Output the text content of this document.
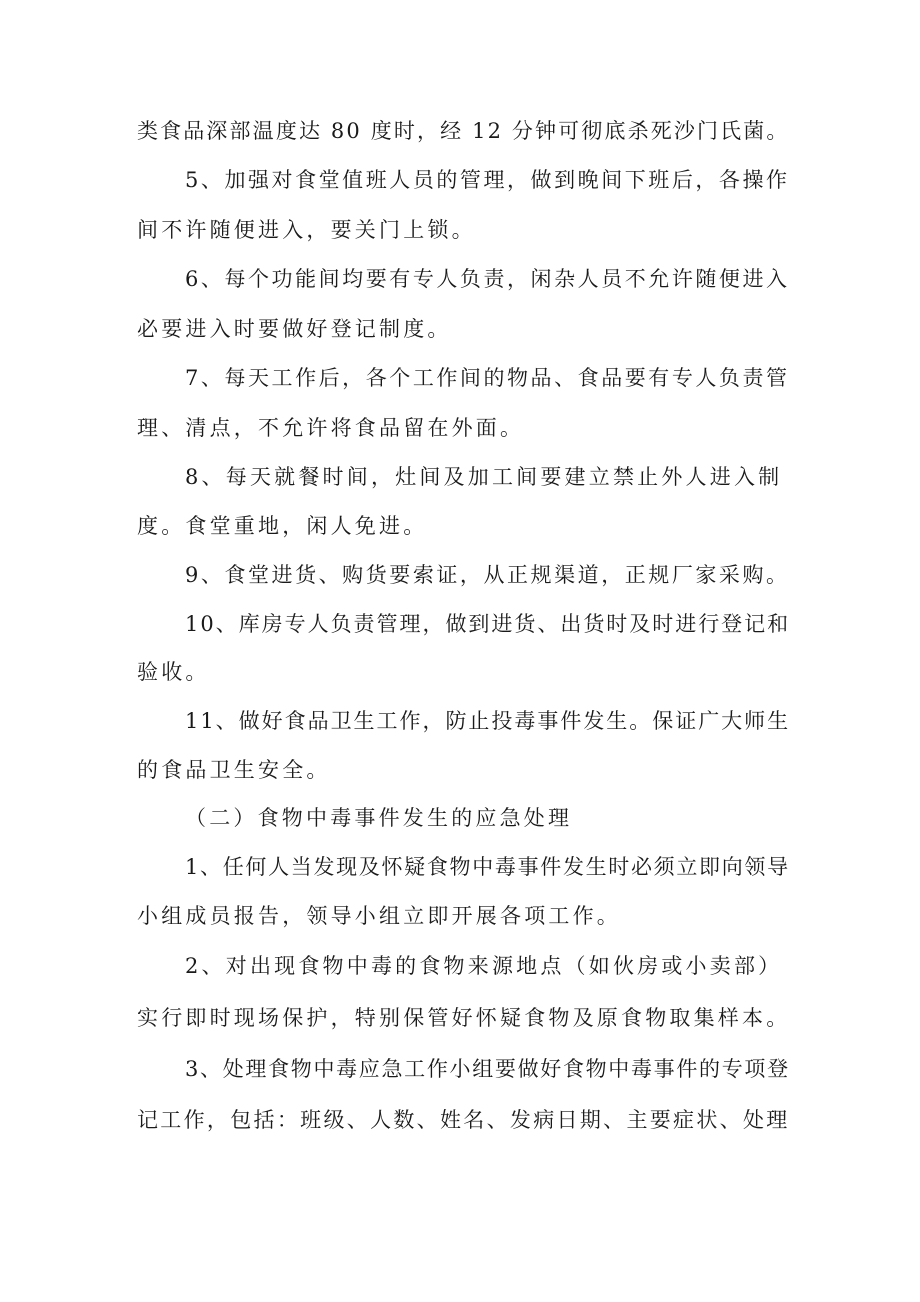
类食品深部温度达 80 度时，经 12 分钟可彻底杀死沙门氏菌。
5、加强对食堂值班人员的管理，做到晚间下班后，各操作
间不许随便进入，要关门上锁。
6、每个功能间均要有专人负责，闲杂人员不允许随便进入
必要进入时要做好登记制度。
7、每天工作后，各个工作间的物品、食品要有专人负责管
理、清点，不允许将食品留在外面。
8、每天就餐时间，灶间及加工间要建立禁止外人进入制
度。食堂重地，闲人免进。
9、食堂进货、购货要索证，从正规渠道，正规厂家采购。
10、库房专人负责管理，做到进货、出货时及时进行登记和
验收。
11、做好食品卫生工作，防止投毒事件发生。保证广大师生
的食品卫生安全。
（二）食物中毒事件发生的应急处理
1、任何人当发现及怀疑食物中毒事件发生时必须立即向领导
小组成员报告，领导小组立即开展各项工作。
2、对出现食物中毒的食物来源地点（如伙房或小卖部）
实行即时现场保护，特别保管好怀疑食物及原食物取集样本。
3、处理食物中毒应急工作小组要做好食物中毒事件的专项登
记工作，包括：班级、人数、姓名、发病日期、主要症状、处理
